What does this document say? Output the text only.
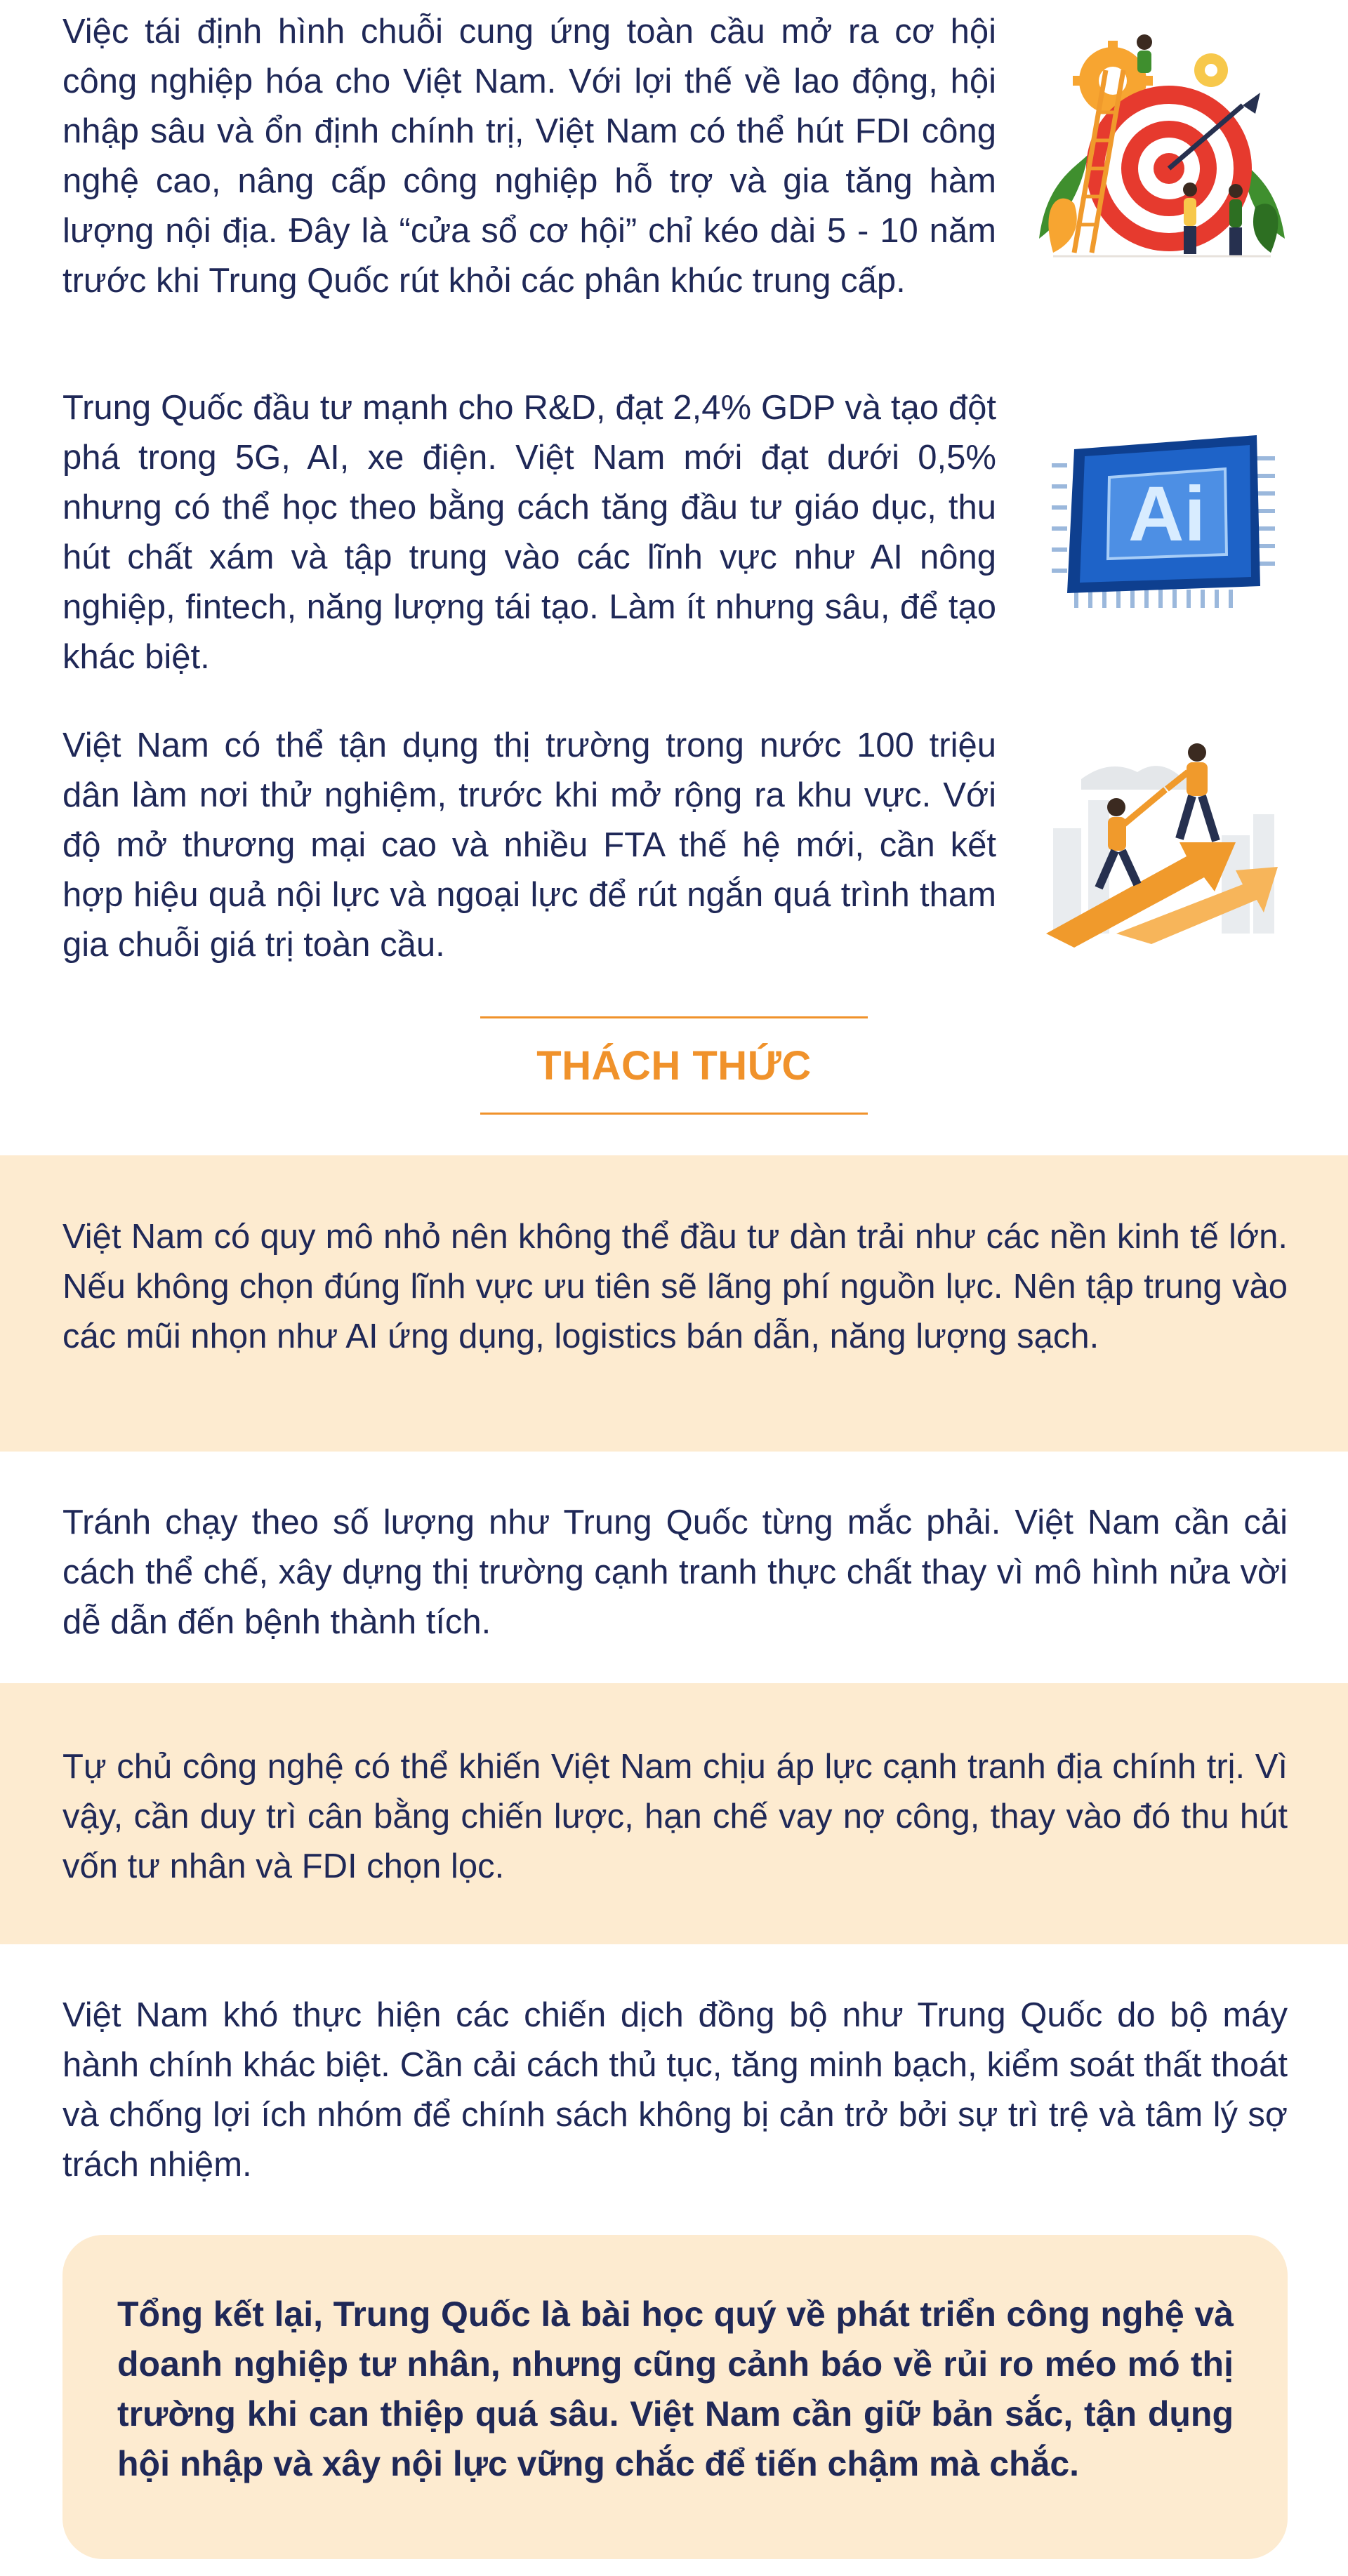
Việc tái định hình chuỗi cung ứng toàn cầu mở ra cơ hội công nghiệp hóa cho Việt Nam. Với lợi thế về lao động, hội nhập sâu và ổn định chính trị, Việt Nam có thể hút FDI công nghệ cao, nâng cấp công nghiệp hỗ trợ và gia tăng hàm lượng nội địa. Đây là “cửa sổ cơ hội” chỉ kéo dài 5 - 10 năm trước khi Trung Quốc rút khỏi các phân khúc trung cấp.

Trung Quốc đầu tư mạnh cho R&D, đạt 2,4% GDP và tạo đột phá trong 5G, AI, xe điện. Việt Nam mới đạt dưới 0,5% nhưng có thể học theo bằng cách tăng đầu tư giáo dục, thu hút chất xám và tập trung vào các lĩnh vực như AI nông nghiệp, fintech, năng lượng tái tạo. Làm ít nhưng sâu, để tạo khác biệt.

Ai

Việt Nam có thể tận dụng thị trường trong nước 100 triệu dân làm nơi thử nghiệm, trước khi mở rộng ra khu vực. Với độ mở thương mại cao và nhiều FTA thế hệ mới, cần kết hợp hiệu quả nội lực và ngoại lực để rút ngắn quá trình tham gia chuỗi giá trị toàn cầu.

THÁCH THỨC

Việt Nam có quy mô nhỏ nên không thể đầu tư dàn trải như các nền kinh tế lớn. Nếu không chọn đúng lĩnh vực ưu tiên sẽ lãng phí nguồn lực. Nên tập trung vào các mũi nhọn như AI ứng dụng, logistics bán dẫn, năng lượng sạch.

Tránh chạy theo số lượng như Trung Quốc từng mắc phải. Việt Nam cần cải cách thể chế, xây dựng thị trường cạnh tranh thực chất thay vì mô hình nửa vời dễ dẫn đến bệnh thành tích.

Tự chủ công nghệ có thể khiến Việt Nam chịu áp lực cạnh tranh địa chính trị. Vì vậy, cần duy trì cân bằng chiến lược, hạn chế vay nợ công, thay vào đó thu hút vốn tư nhân và FDI chọn lọc.

Việt Nam khó thực hiện các chiến dịch đồng bộ như Trung Quốc do bộ máy hành chính khác biệt. Cần cải cách thủ tục, tăng minh bạch, kiểm soát thất thoát và chống lợi ích nhóm để chính sách không bị cản trở bởi sự trì trệ và tâm lý sợ trách nhiệm.

Tổng kết lại, Trung Quốc là bài học quý về phát triển công nghệ và doanh nghiệp tư nhân, nhưng cũng cảnh báo về rủi ro méo mó thị trường khi can thiệp quá sâu. Việt Nam cần giữ bản sắc, tận dụng hội nhập và xây nội lực vững chắc để tiến chậm mà chắc.
